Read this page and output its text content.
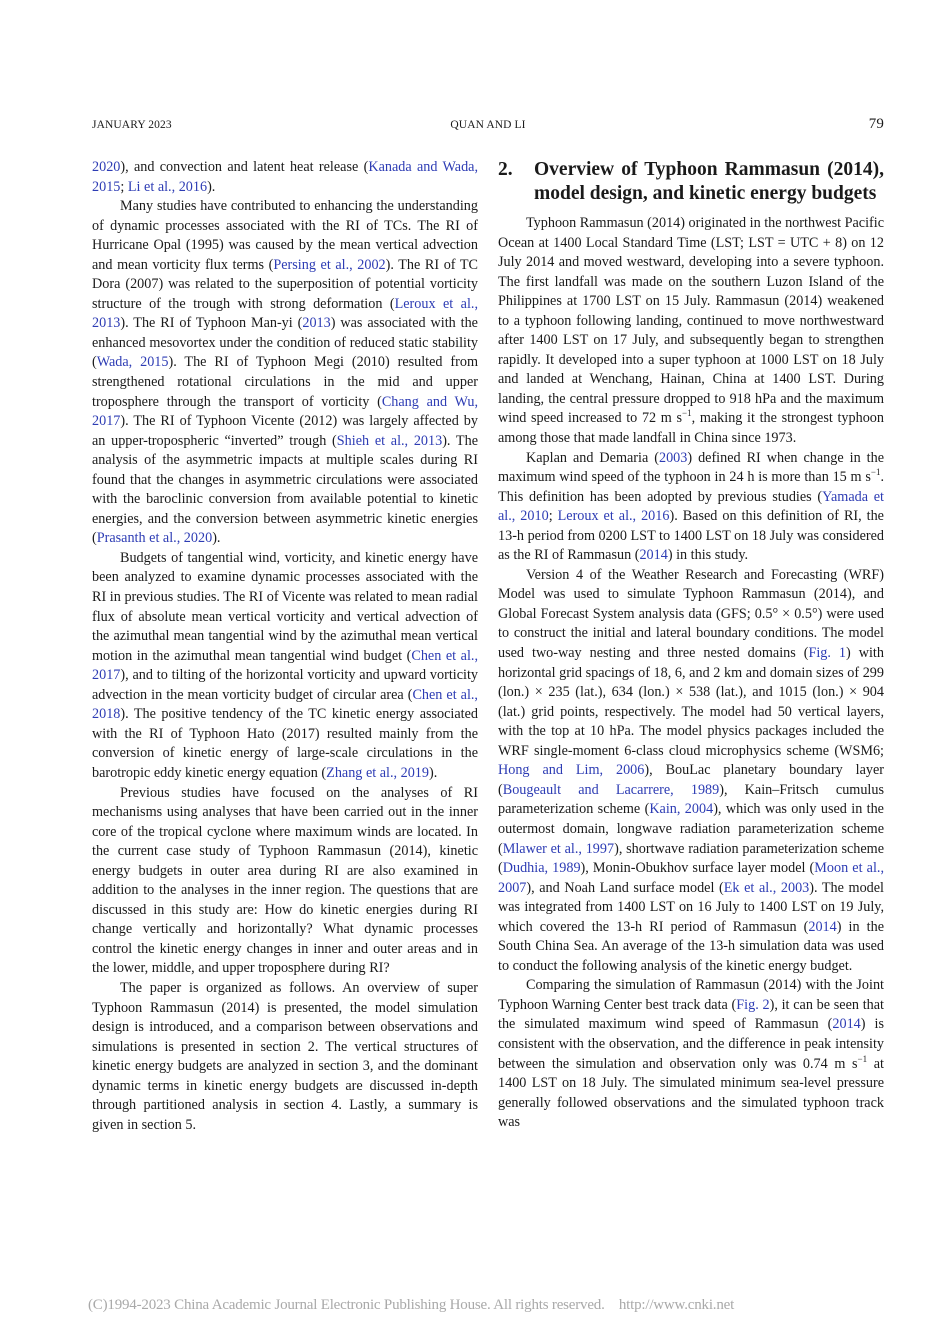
JANUARY 2023	QUAN AND LI	79

2020), and convection and latent heat release (Kanada and Wada, 2015; Li et al., 2016).

Many studies have contributed to enhancing the understanding of dynamic processes associated with the RI of TCs. The RI of Hurricane Opal (1995) was caused by the mean vertical advection and mean vorticity flux terms (Persing et al., 2002). The RI of TC Dora (2007) was related to the superposition of potential vorticity structure of the trough with strong deformation (Leroux et al., 2013). The RI of Typhoon Man-yi (2013) was associated with the enhanced mesovortex under the condition of reduced static stability (Wada, 2015). The RI of Typhoon Megi (2010) resulted from strengthened rotational circulations in the mid and upper troposphere through the transport of vorticity (Chang and Wu, 2017). The RI of Typhoon Vicente (2012) was largely affected by an upper-tropospheric “inverted” trough (Shieh et al., 2013). The analysis of the asymmetric impacts at multiple scales during RI found that the changes in asymmetric circulations were associated with the baroclinic conversion from available potential to kinetic energies, and the conversion between asymmetric kinetic energies (Prasanth et al., 2020).

Budgets of tangential wind, vorticity, and kinetic energy have been analyzed to examine dynamic processes associated with the RI in previous studies. The RI of Vicente was related to mean radial flux of absolute mean vertical vorticity and vertical advection of the azimuthal mean tangential wind by the azimuthal mean vertical motion in the azimuthal mean tangential wind budget (Chen et al., 2017), and to tilting of the horizontal vorticity and upward vorticity advection in the mean vorticity budget of circular area (Chen et al., 2018). The positive tendency of the TC kinetic energy associated with the RI of Typhoon Hato (2017) resulted mainly from the conversion of kinetic energy of large-scale circulations in the barotropic eddy kinetic energy equation (Zhang et al., 2019).

Previous studies have focused on the analyses of RI mechanisms using analyses that have been carried out in the inner core of the tropical cyclone where maximum winds are located. In the current case study of Typhoon Rammasun (2014), kinetic energy budgets in outer area during RI are also examined in addition to the analyses in the inner region. The questions that are discussed in this study are: How do kinetic energies during RI change vertically and horizontally? What dynamic processes control the kinetic energy changes in inner and outer areas and in the lower, middle, and upper troposphere during RI?

The paper is organized as follows. An overview of super Typhoon Rammasun (2014) is presented, the model simulation design is introduced, and a comparison between observations and simulations is presented in section 2. The vertical structures of kinetic energy budgets are analyzed in section 3, and the dominant dynamic terms in kinetic energy budgets are discussed in-depth through partitioned analysis in section 4. Lastly, a summary is given in section 5.

2.	Overview of Typhoon Rammasun (2014), model design, and kinetic energy budgets

Typhoon Rammasun (2014) originated in the northwest Pacific Ocean at 1400 Local Standard Time (LST; LST = UTC + 8) on 12 July 2014 and moved westward, developing into a severe typhoon. The first landfall was made on the southern Luzon Island of the Philippines at 1700 LST on 15 July. Rammasun (2014) weakened to a typhoon following landing, continued to move northwestward after 1400 LST on 17 July, and subsequently began to strengthen rapidly. It developed into a super typhoon at 1000 LST on 18 July and landed at Wenchang, Hainan, China at 1400 LST. During landing, the central pressure dropped to 918 hPa and the maximum wind speed increased to 72 m $s^{-1}$, making it the strongest typhoon among those that made landfall in China since 1973.

Kaplan and Demaria (2003) defined RI when change in the maximum wind speed of the typhoon in 24 h is more than 15 m $s^{-1}$. This definition has been adopted by previous studies (Yamada et al., 2010; Leroux et al., 2016). Based on this definition of RI, the 13-h period from 0200 LST to 1400 LST on 18 July was considered as the RI of Rammasun (2014) in this study.

Version 4 of the Weather Research and Forecasting (WRF) Model was used to simulate Typhoon Rammasun (2014), and Global Forecast System analysis data (GFS; 0.5° × 0.5°) were used to construct the initial and lateral boundary conditions. The model used two-way nesting and three nested domains (Fig. 1) with horizontal grid spacings of 18, 6, and 2 km and domain sizes of 299 (lon.) × 235 (lat.), 634 (lon.) × 538 (lat.), and 1015 (lon.) × 904 (lat.) grid points, respectively. The model had 50 vertical layers, with the top at 10 hPa. The model physics packages included the WRF single-moment 6-class cloud microphysics scheme (WSM6; Hong and Lim, 2006), BouLac planetary boundary layer (Bougeault and Lacarrere, 1989), Kain–Fritsch cumulus parameterization scheme (Kain, 2004), which was only used in the outermost domain, longwave radiation parameterization scheme (Mlawer et al., 1997), shortwave radiation parameterization scheme (Dudhia, 1989), Monin-Obukhov surface layer model (Moon et al., 2007), and Noah Land surface model (Ek et al., 2003). The model was integrated from 1400 LST on 16 July to 1400 LST on 19 July, which covered the 13-h RI period of Rammasun (2014) in the South China Sea. An average of the 13-h simulation data was used to conduct the following analysis of the kinetic energy budget.

Comparing the simulation of Rammasun (2014) with the Joint Typhoon Warning Center best track data (Fig. 2), it can be seen that the simulated maximum wind speed of Rammasun (2014) is consistent with the observation, and the difference in peak intensity between the simulation and observation only was 0.74 m $s^{-1}$ at 1400 LST on 18 July. The simulated minimum sea-level pressure generally followed observations and the simulated typhoon track was

(C)1994-2023 China Academic Journal Electronic Publishing House. All rights reserved. http://www.cnki.net
